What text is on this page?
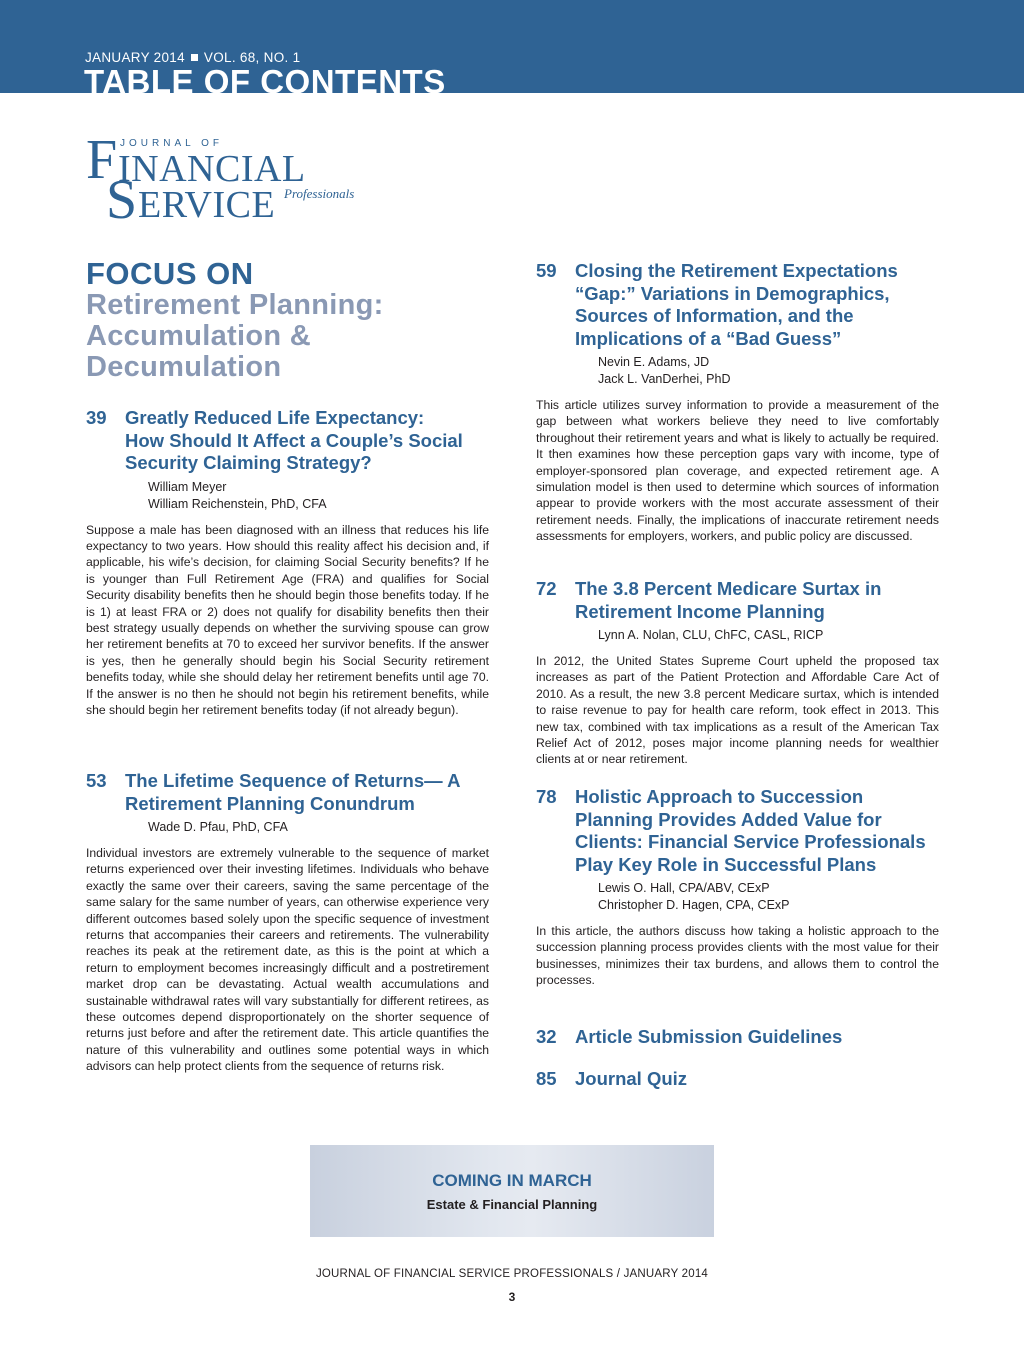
JANUARY 2014 VOL. 68, NO. 1
TABLE OF CONTENTS
JOURNAL OF
F INANCIAL
S ERVICE Professionals
FOCUS ON
Retirement Planning:
Accumulation &
Decumulation
39 Greatly Reduced Life Expectancy: How Should It Affect a Couple’s Social Security Claiming Strategy?
William Meyer
William Reichenstein, PhD, CFA
Suppose a male has been diagnosed with an illness that reduces his life expectancy to two years. How should this reality affect his decision and, if applicable, his wife’s decision, for claiming Social Security benefits? If he is younger than Full Retirement Age (FRA) and qualifies for Social Security disability benefits then he should begin those benefits today. If he is 1) at least FRA or 2) does not qualify for disability benefits then their best strategy usually depends on whether the surviving spouse can grow her retirement benefits at 70 to exceed her survivor benefits. If the answer is yes, then he generally should begin his Social Security retirement benefits today, while she should delay her retirement benefits until age 70. If the answer is no then he should not begin his retirement benefits, while she should begin her retirement benefits today (if not already begun).
53 The Lifetime Sequence of Returns— A Retirement Planning Conundrum
Wade D. Pfau, PhD, CFA
Individual investors are extremely vulnerable to the sequence of market returns experienced over their investing lifetimes. Individuals who behave exactly the same over their careers, saving the same percentage of the same salary for the same number of years, can otherwise experience very different outcomes based solely upon the specific sequence of investment returns that accompanies their careers and retirements. The vulnerability reaches its peak at the retirement date, as this is the point at which a return to employment becomes increasingly difficult and a postretirement market drop can be devastating. Actual wealth accumulations and sustainable withdrawal rates will vary substantially for different retirees, as these outcomes depend disproportionately on the shorter sequence of returns just before and after the retirement date. This article quantifies the nature of this vulnerability and outlines some potential ways in which advisors can help protect clients from the sequence of returns risk.
59 Closing the Retirement Expectations “Gap:” Variations in Demographics, Sources of Information, and the Implications of a “Bad Guess”
Nevin E. Adams, JD
Jack L. VanDerhei, PhD
This article utilizes survey information to provide a measurement of the gap between what workers believe they need to live comfortably throughout their retirement years and what is likely to actually be required. It then examines how these perception gaps vary with income, type of employer-sponsored plan coverage, and expected retirement age. A simulation model is then used to determine which sources of information appear to provide workers with the most accurate assessment of their retirement needs. Finally, the implications of inaccurate retirement needs assessments for employers, workers, and public policy are discussed.
72 The 3.8 Percent Medicare Surtax in Retirement Income Planning
Lynn A. Nolan, CLU, ChFC, CASL, RICP
In 2012, the United States Supreme Court upheld the proposed tax increases as part of the Patient Protection and Affordable Care Act of 2010. As a result, the new 3.8 percent Medicare surtax, which is intended to raise revenue to pay for health care reform, took effect in 2013. This new tax, combined with tax implications as a result of the American Tax Relief Act of 2012, poses major income planning needs for wealthier clients at or near retirement.
78 Holistic Approach to Succession Planning Provides Added Value for Clients: Financial Service Professionals Play Key Role in Successful Plans
Lewis O. Hall, CPA/ABV, CExP
Christopher D. Hagen, CPA, CExP
In this article, the authors discuss how taking a holistic approach to the succession planning process provides clients with the most value for their businesses, minimizes their tax burdens, and allows them to control the processes.
32 Article Submission Guidelines
85 Journal Quiz
COMING IN MARCH
Estate & Financial Planning
JOURNAL OF FINANCIAL SERVICE PROFESSIONALS / JANUARY 2014
3
